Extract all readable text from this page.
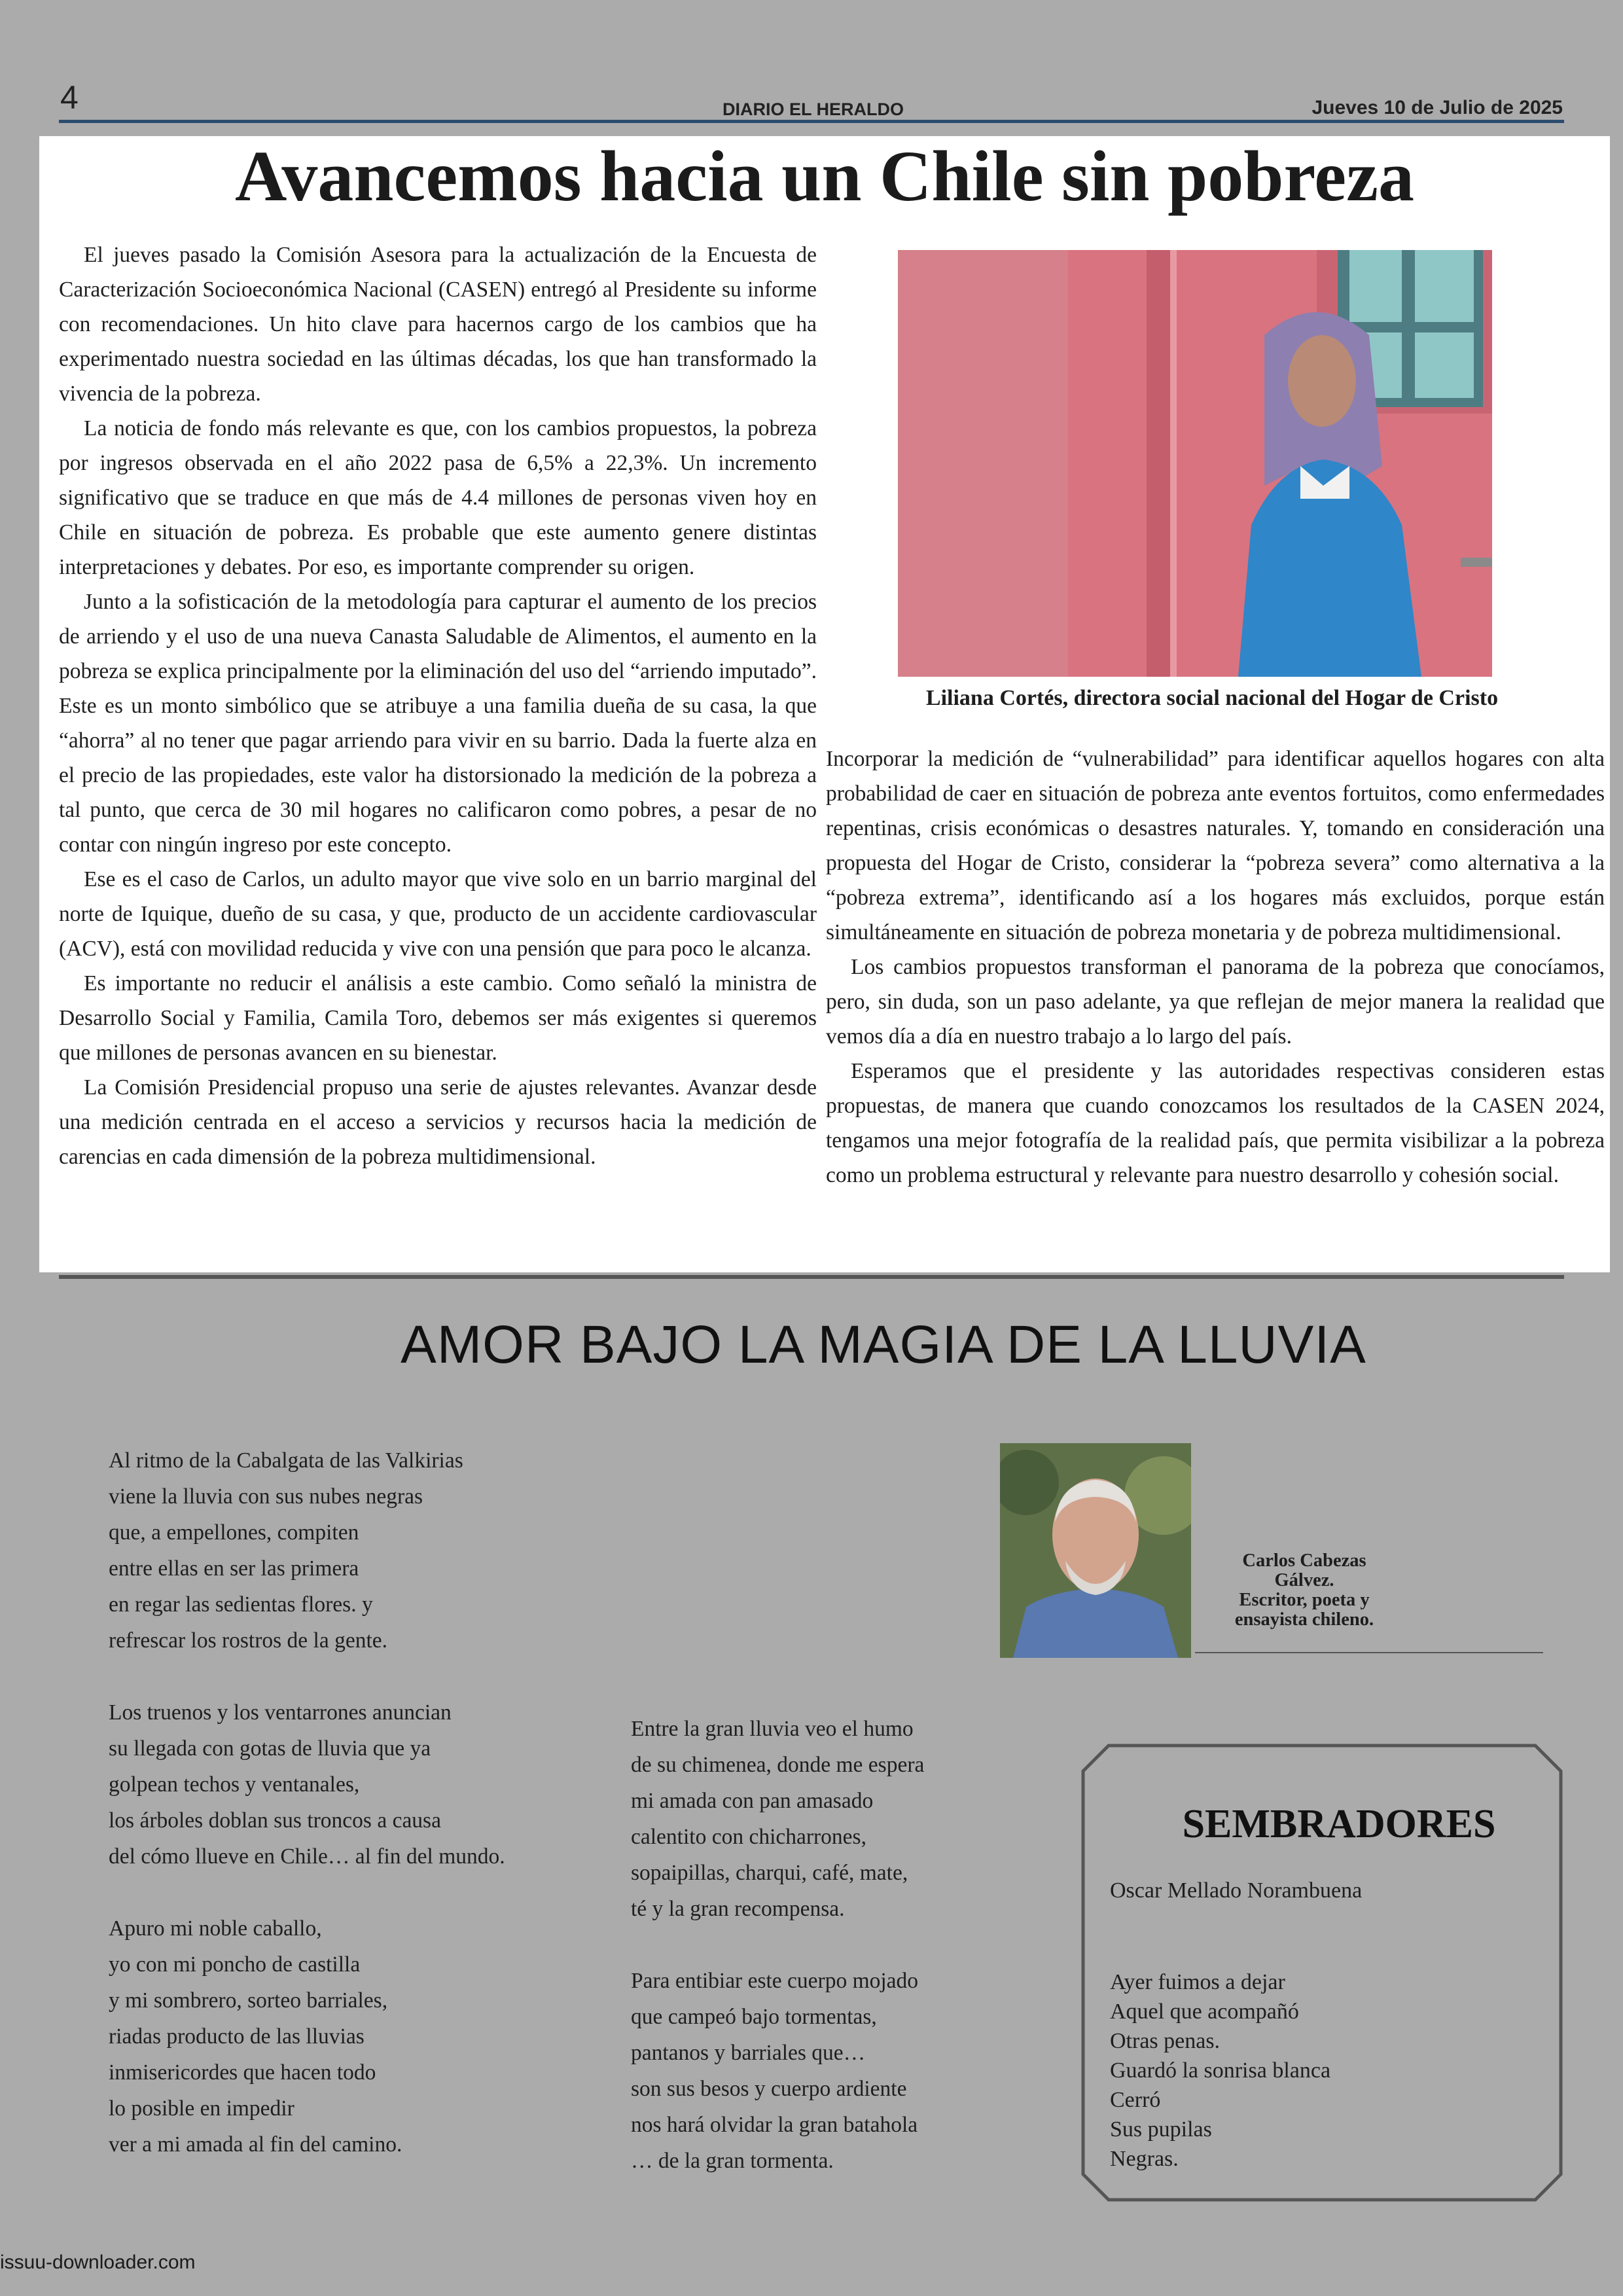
4	DIARIO EL HERALDO	Jueves 10 de Julio de 2025
Avancemos hacia un Chile sin pobreza

El jueves pasado la Comisión Asesora para la actualización de la Encuesta de Caracterización Socioeconómica Nacional (CASEN) entregó al Presidente su informe con recomendaciones. Un hito clave para hacernos cargo de los cambios que ha experimentado nuestra sociedad en las últimas décadas, los que han transformado la vivencia de la pobreza.

La noticia de fondo más relevante es que, con los cambios propuestos, la pobreza por ingresos observada en el año 2022 pasa de 6,5% a 22,3%. Un incremento significativo que se traduce en que más de 4.4 millones de personas viven hoy en Chile en situación de pobreza. Es probable que este aumento genere distintas interpretaciones y debates. Por eso, es importante comprender su origen.

Junto a la sofisticación de la metodología para capturar el aumento de los precios de arriendo y el uso de una nueva Canasta Saludable de Alimentos, el aumento en la pobreza se explica principalmente por la eliminación del uso del “arriendo imputado”. Este es un monto simbólico que se atribuye a una familia dueña de su casa, la que “ahorra” al no tener que pagar arriendo para vivir en su barrio. Dada la fuerte alza en el precio de las propiedades, este valor ha distorsionado la medición de la pobreza a tal punto, que cerca de 30 mil hogares no calificaron como pobres, a pesar de no contar con ningún ingreso por este concepto.

Ese es el caso de Carlos, un adulto mayor que vive solo en un barrio marginal del norte de Iquique, dueño de su casa, y que, producto de un accidente cardiovascular (ACV), está con movilidad reducida y vive con una pensión que para poco le alcanza.

Es importante no reducir el análisis a este cambio. Como señaló la ministra de Desarrollo Social y Familia, Camila Toro, debemos ser más exigentes si queremos que millones de personas avancen en su bienestar.

La Comisión Presidencial propuso una serie de ajustes relevantes. Avanzar desde una medición centrada en el acceso a servicios y recursos hacia la medición de carencias en cada dimensión de la pobreza multidimensional.

Liliana Cortés, directora social nacional del Hogar de Cristo

Incorporar la medición de “vulnerabilidad” para identificar aquellos hogares con alta probabilidad de caer en situación de pobreza ante eventos fortuitos, como enfermedades repentinas, crisis económicas o desastres naturales. Y, tomando en consideración una propuesta del Hogar de Cristo, considerar la “pobreza severa” como alternativa a la “pobreza extrema”, identificando así a los hogares más excluidos, porque están simultáneamente en situación de pobreza monetaria y de pobreza multidimensional.

Los cambios propuestos transforman el panorama de la pobreza que conocíamos, pero, sin duda, son un paso adelante, ya que reflejan de mejor manera la realidad que vemos día a día en nuestro trabajo a lo largo del país.

Esperamos que el presidente y las autoridades respectivas consideren estas propuestas, de manera que cuando conozcamos los resultados de la CASEN 2024, tengamos una mejor fotografía de la realidad país, que permita visibilizar a la pobreza como un problema estructural y relevante para nuestro desarrollo y cohesión social.

AMOR BAJO LA MAGIA DE LA LLUVIA
Al ritmo de la Cabalgata de las Valkirias
viene la lluvia con sus nubes negras
que, a empellones, compiten
entre ellas en ser las primera
en regar las sedientas flores. y
refrescar los rostros de la gente.
Los truenos y los ventarrones anuncian
su llegada con gotas de lluvia que ya
golpean techos y ventanales,
los árboles doblan sus troncos a causa
del cómo llueve en Chile… al fin del mundo.
Apuro mi noble caballo,
yo con mi poncho de castilla
y mi sombrero, sorteo barriales,
riadas producto de las lluvias
inmisericordes que hacen todo
lo posible en impedir
ver a mi amada al fin del camino.
Entre la gran lluvia veo el humo
de su chimenea, donde me espera
mi amada con pan amasado
calentito con chicharrones,
sopaipillas, charqui, café, mate,
té y la gran recompensa.
Para entibiar este cuerpo mojado
que campeó bajo tormentas,
pantanos y barriales que…
son sus besos y cuerpo ardiente
nos hará olvidar la gran batahola
… de la gran tormenta.
Carlos Cabezas
Gálvez.
Escritor, poeta y
ensayista chileno.
SEMBRADORES
Oscar Mellado Norambuena
Ayer fuimos a dejar
Aquel que acompañó
Otras penas.
Guardó la sonrisa blanca
Cerró
Sus pupilas
Negras.
issuu-downloader.com
